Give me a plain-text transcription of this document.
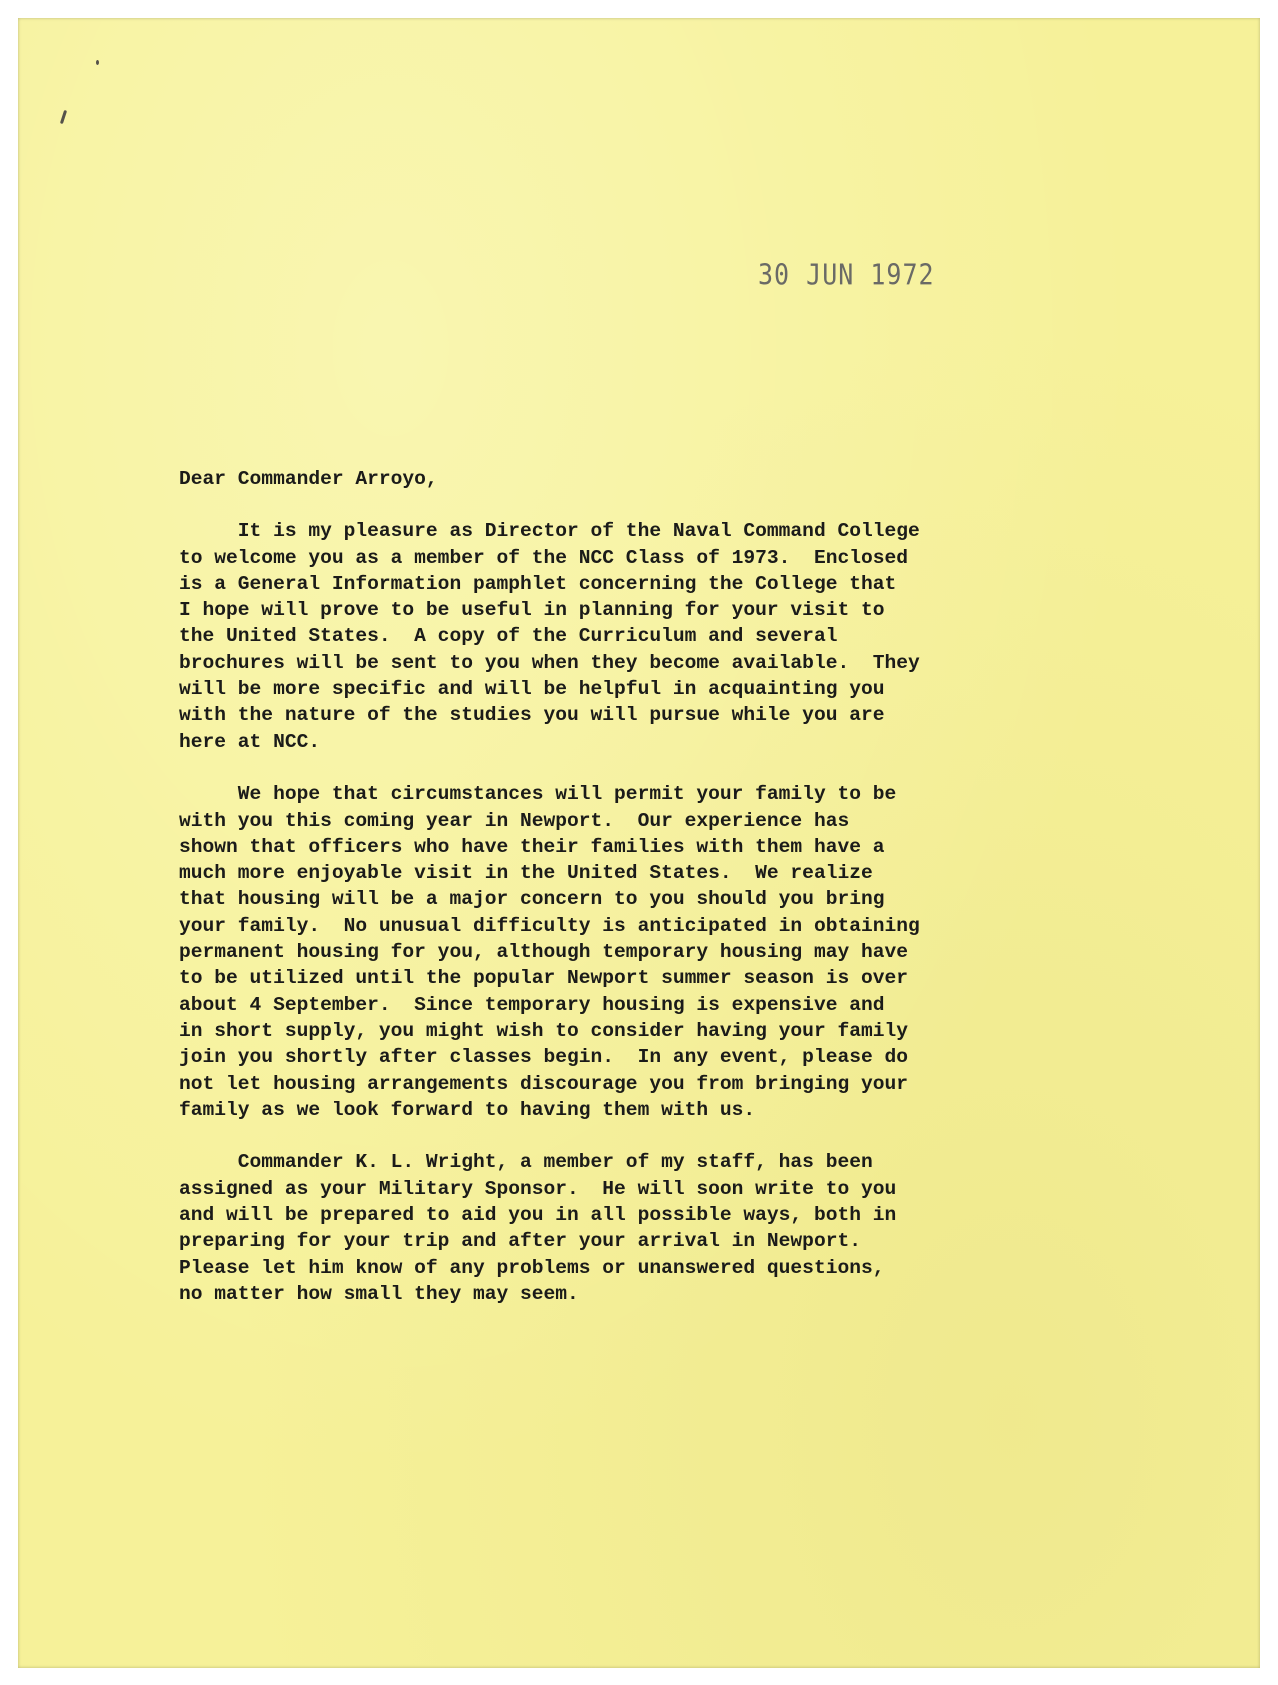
30 JUN 1972
Dear Commander Arroyo,
It is my pleasure as Director of the Naval Command College
to welcome you as a member of the NCC Class of 1973.  Enclosed
is a General Information pamphlet concerning the College that
I hope will prove to be useful in planning for your visit to
the United States.  A copy of the Curriculum and several
brochures will be sent to you when they become available.  They
will be more specific and will be helpful in acquainting you
with the nature of the studies you will pursue while you are
here at NCC.
We hope that circumstances will permit your family to be
with you this coming year in Newport.  Our experience has
shown that officers who have their families with them have a
much more enjoyable visit in the United States.  We realize
that housing will be a major concern to you should you bring
your family.  No unusual difficulty is anticipated in obtaining
permanent housing for you, although temporary housing may have
to be utilized until the popular Newport summer season is over
about 4 September.  Since temporary housing is expensive and
in short supply, you might wish to consider having your family
join you shortly after classes begin.  In any event, please do
not let housing arrangements discourage you from bringing your
family as we look forward to having them with us.
Commander K. L. Wright, a member of my staff, has been
assigned as your Military Sponsor.  He will soon write to you
and will be prepared to aid you in all possible ways, both in
preparing for your trip and after your arrival in Newport.
Please let him know of any problems or unanswered questions,
no matter how small they may seem.
